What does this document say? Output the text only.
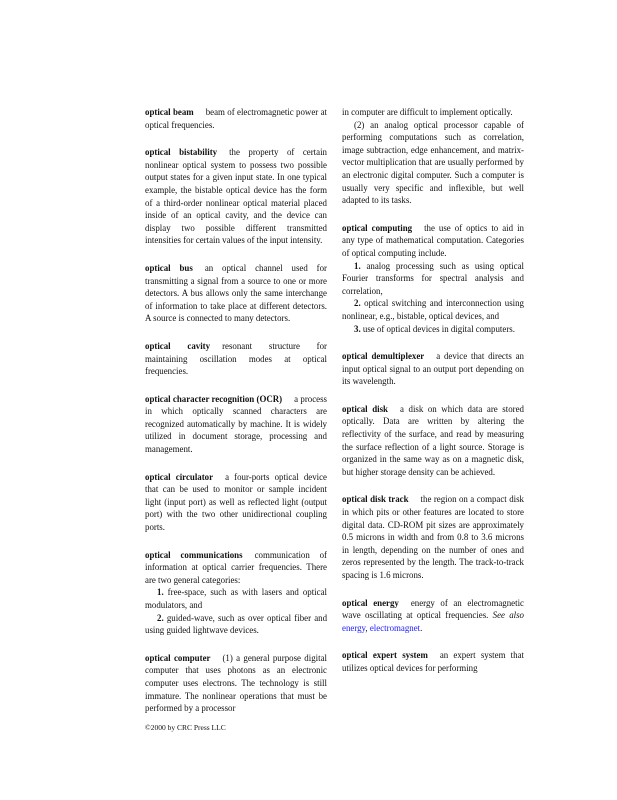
optical beam beam of electromagnetic power at optical frequencies.

optical bistability the property of certain nonlinear optical system to possess two possible output states for a given input state. In one typical example, the bistable optical device has the form of a third-order nonlinear optical material placed inside of an optical cavity, and the device can display two possible different transmitted intensities for certain values of the input intensity.

optical bus an optical channel used for transmitting a signal from a source to one or more detectors. A bus allows only the same interchange of information to take place at different detectors. A source is connected to many detectors.

optical cavity resonant structure for maintaining oscillation modes at optical frequencies.

optical character recognition (OCR) a process in which optically scanned characters are recognized automatically by machine. It is widely utilized in document storage, processing and management.

optical circulator a four-ports optical device that can be used to monitor or sample incident light (input port) as well as reflected light (output port) with the two other unidirectional coupling ports.

optical communications communication of information at optical carrier frequencies. There are two general categories:

1. free-space, such as with lasers and optical modulators, and

2. guided-wave, such as over optical fiber and using guided lightwave devices.

optical computer (1) a general purpose digital computer that uses photons as an electronic computer uses electrons. The technology is still immature. The nonlinear operations that must be performed by a processor

in computer are difficult to implement optically.

(2) an analog optical processor capable of performing computations such as correlation, image subtraction, edge enhancement, and matrix-vector multiplication that are usually performed by an electronic digital computer. Such a computer is usually very specific and inflexible, but well adapted to its tasks.

optical computing the use of optics to aid in any type of mathematical computation. Categories of optical computing include.

1. analog processing such as using optical Fourier transforms for spectral analysis and correlation,

2. optical switching and interconnection using nonlinear, e.g., bistable, optical devices, and

3. use of optical devices in digital computers.

optical demultiplexer a device that directs an input optical signal to an output port depending on its wavelength.

optical disk a disk on which data are stored optically. Data are written by altering the reflectivity of the surface, and read by measuring the surface reflection of a light source. Storage is organized in the same way as on a magnetic disk, but higher storage density can be achieved.

optical disk track the region on a compact disk in which pits or other features are located to store digital data. CD-ROM pit sizes are approximately 0.5 microns in width and from 0.8 to 3.6 microns in length, depending on the number of ones and zeros represented by the length. The track-to-track spacing is 1.6 microns.

optical energy energy of an electromagnetic wave oscillating at optical frequencies. See also energy, electromagnet.

optical expert system an expert system that utilizes optical devices for performing

©2000 by CRC Press LLC
